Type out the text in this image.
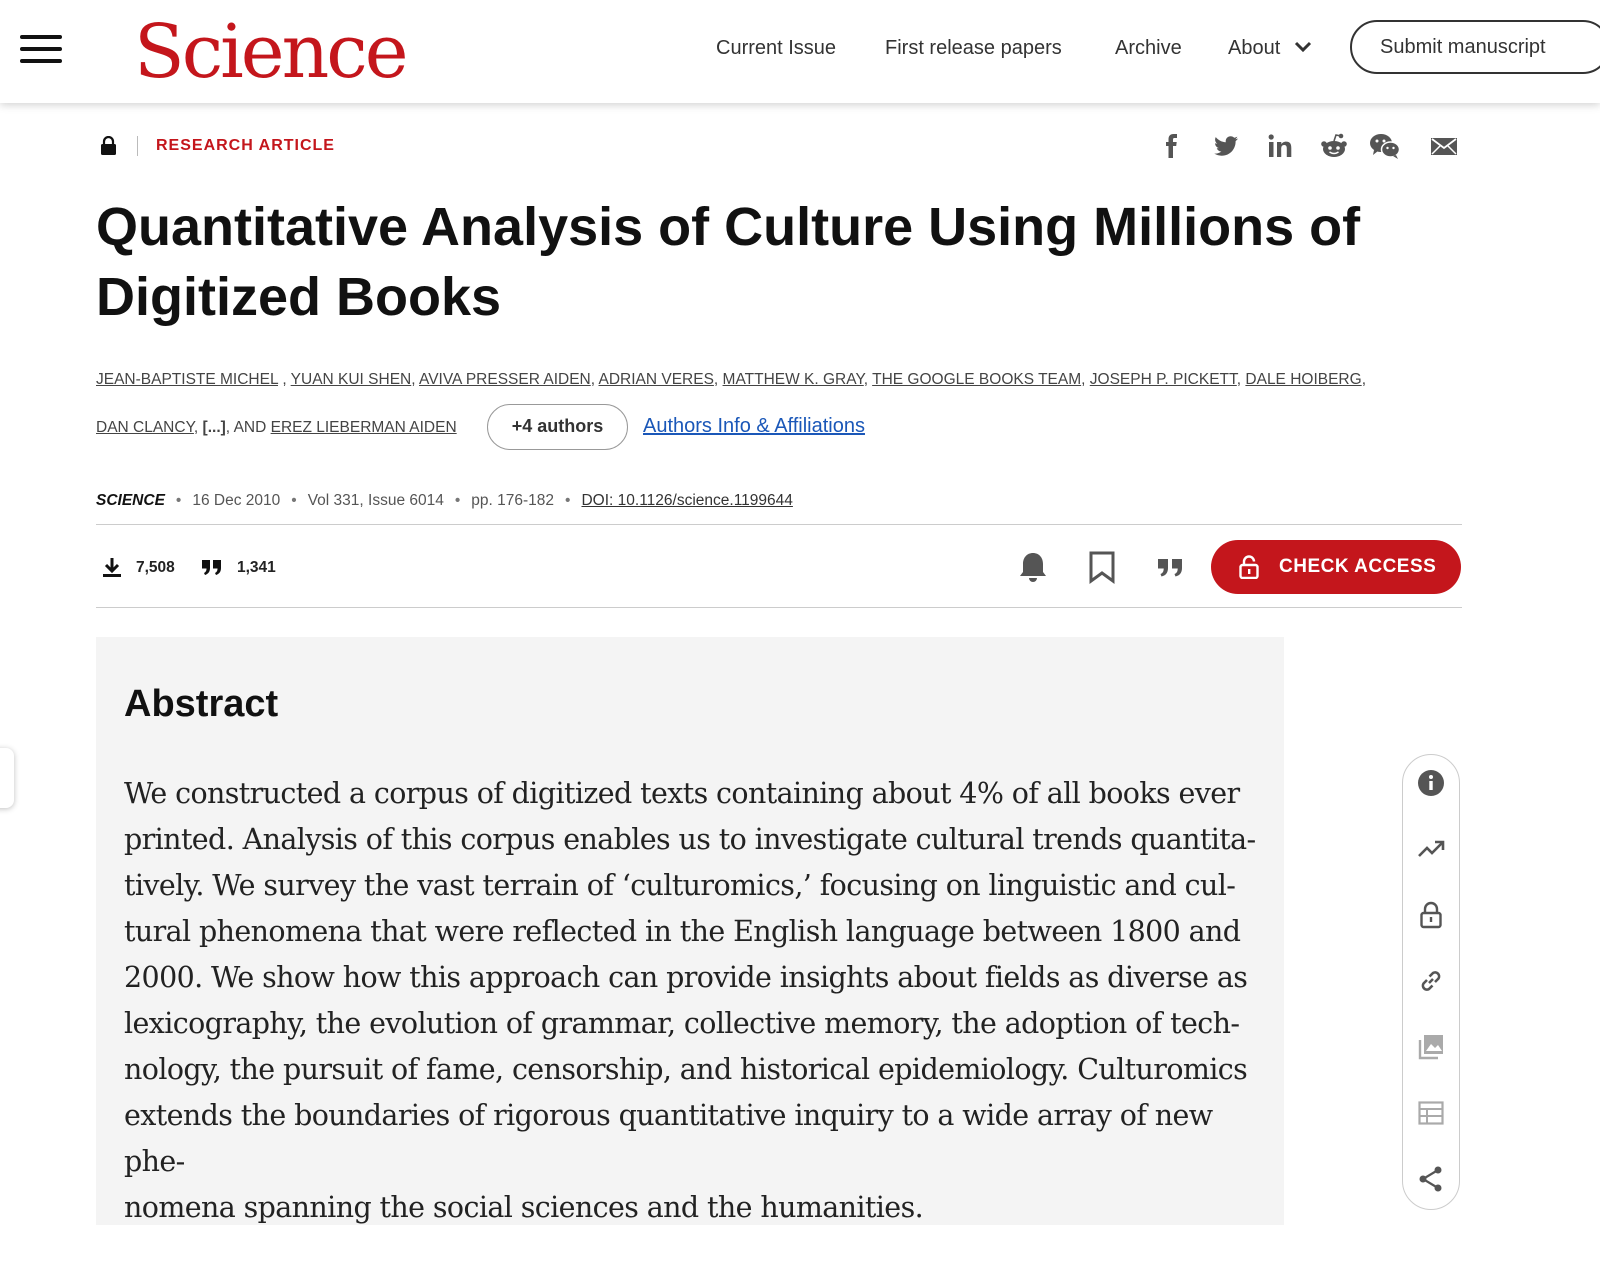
Science	Current Issue First release papers	Archive About	Submit manuscript
RESEARCH ARTICLE
Quantitative Analysis of Culture Using Millions of
Digitized Books
JEAN-BAPTISTE MICHEL , YUAN KUI SHEN, AVIVA PRESSER AIDEN, ADRIAN VERES, MATTHEW K. GRAY, THE GOOGLE BOOKS TEAM, JOSEPH P. PICKETT, DALE HOIBERG,
DAN CLANCY, [...], AND EREZ LIEBERMAN AIDEN	+4 authors	Authors Info & Affiliations
SCIENCE • 16 Dec 2010 • Vol 331, Issue 6014 • pp. 176-182 • DOI: 10.1126/science.1199644
7,508	1,341	CHECK ACCESS
Abstract

We constructed a corpus of digitized texts containing about 4% of all books ever
printed. Analysis of this corpus enables us to investigate cultural trends quantita-
tively. We survey the vast terrain of ‘culturomics,’ focusing on linguistic and cul-
tural phenomena that were reflected in the English language between 1800 and
2000. We show how this approach can provide insights about fields as diverse as
lexicography, the evolution of grammar, collective memory, the adoption of tech-
nology, the pursuit of fame, censorship, and historical epidemiology. Culturomics
extends the boundaries of rigorous quantitative inquiry to a wide array of new phe-
nomena spanning the social sciences and the humanities.
